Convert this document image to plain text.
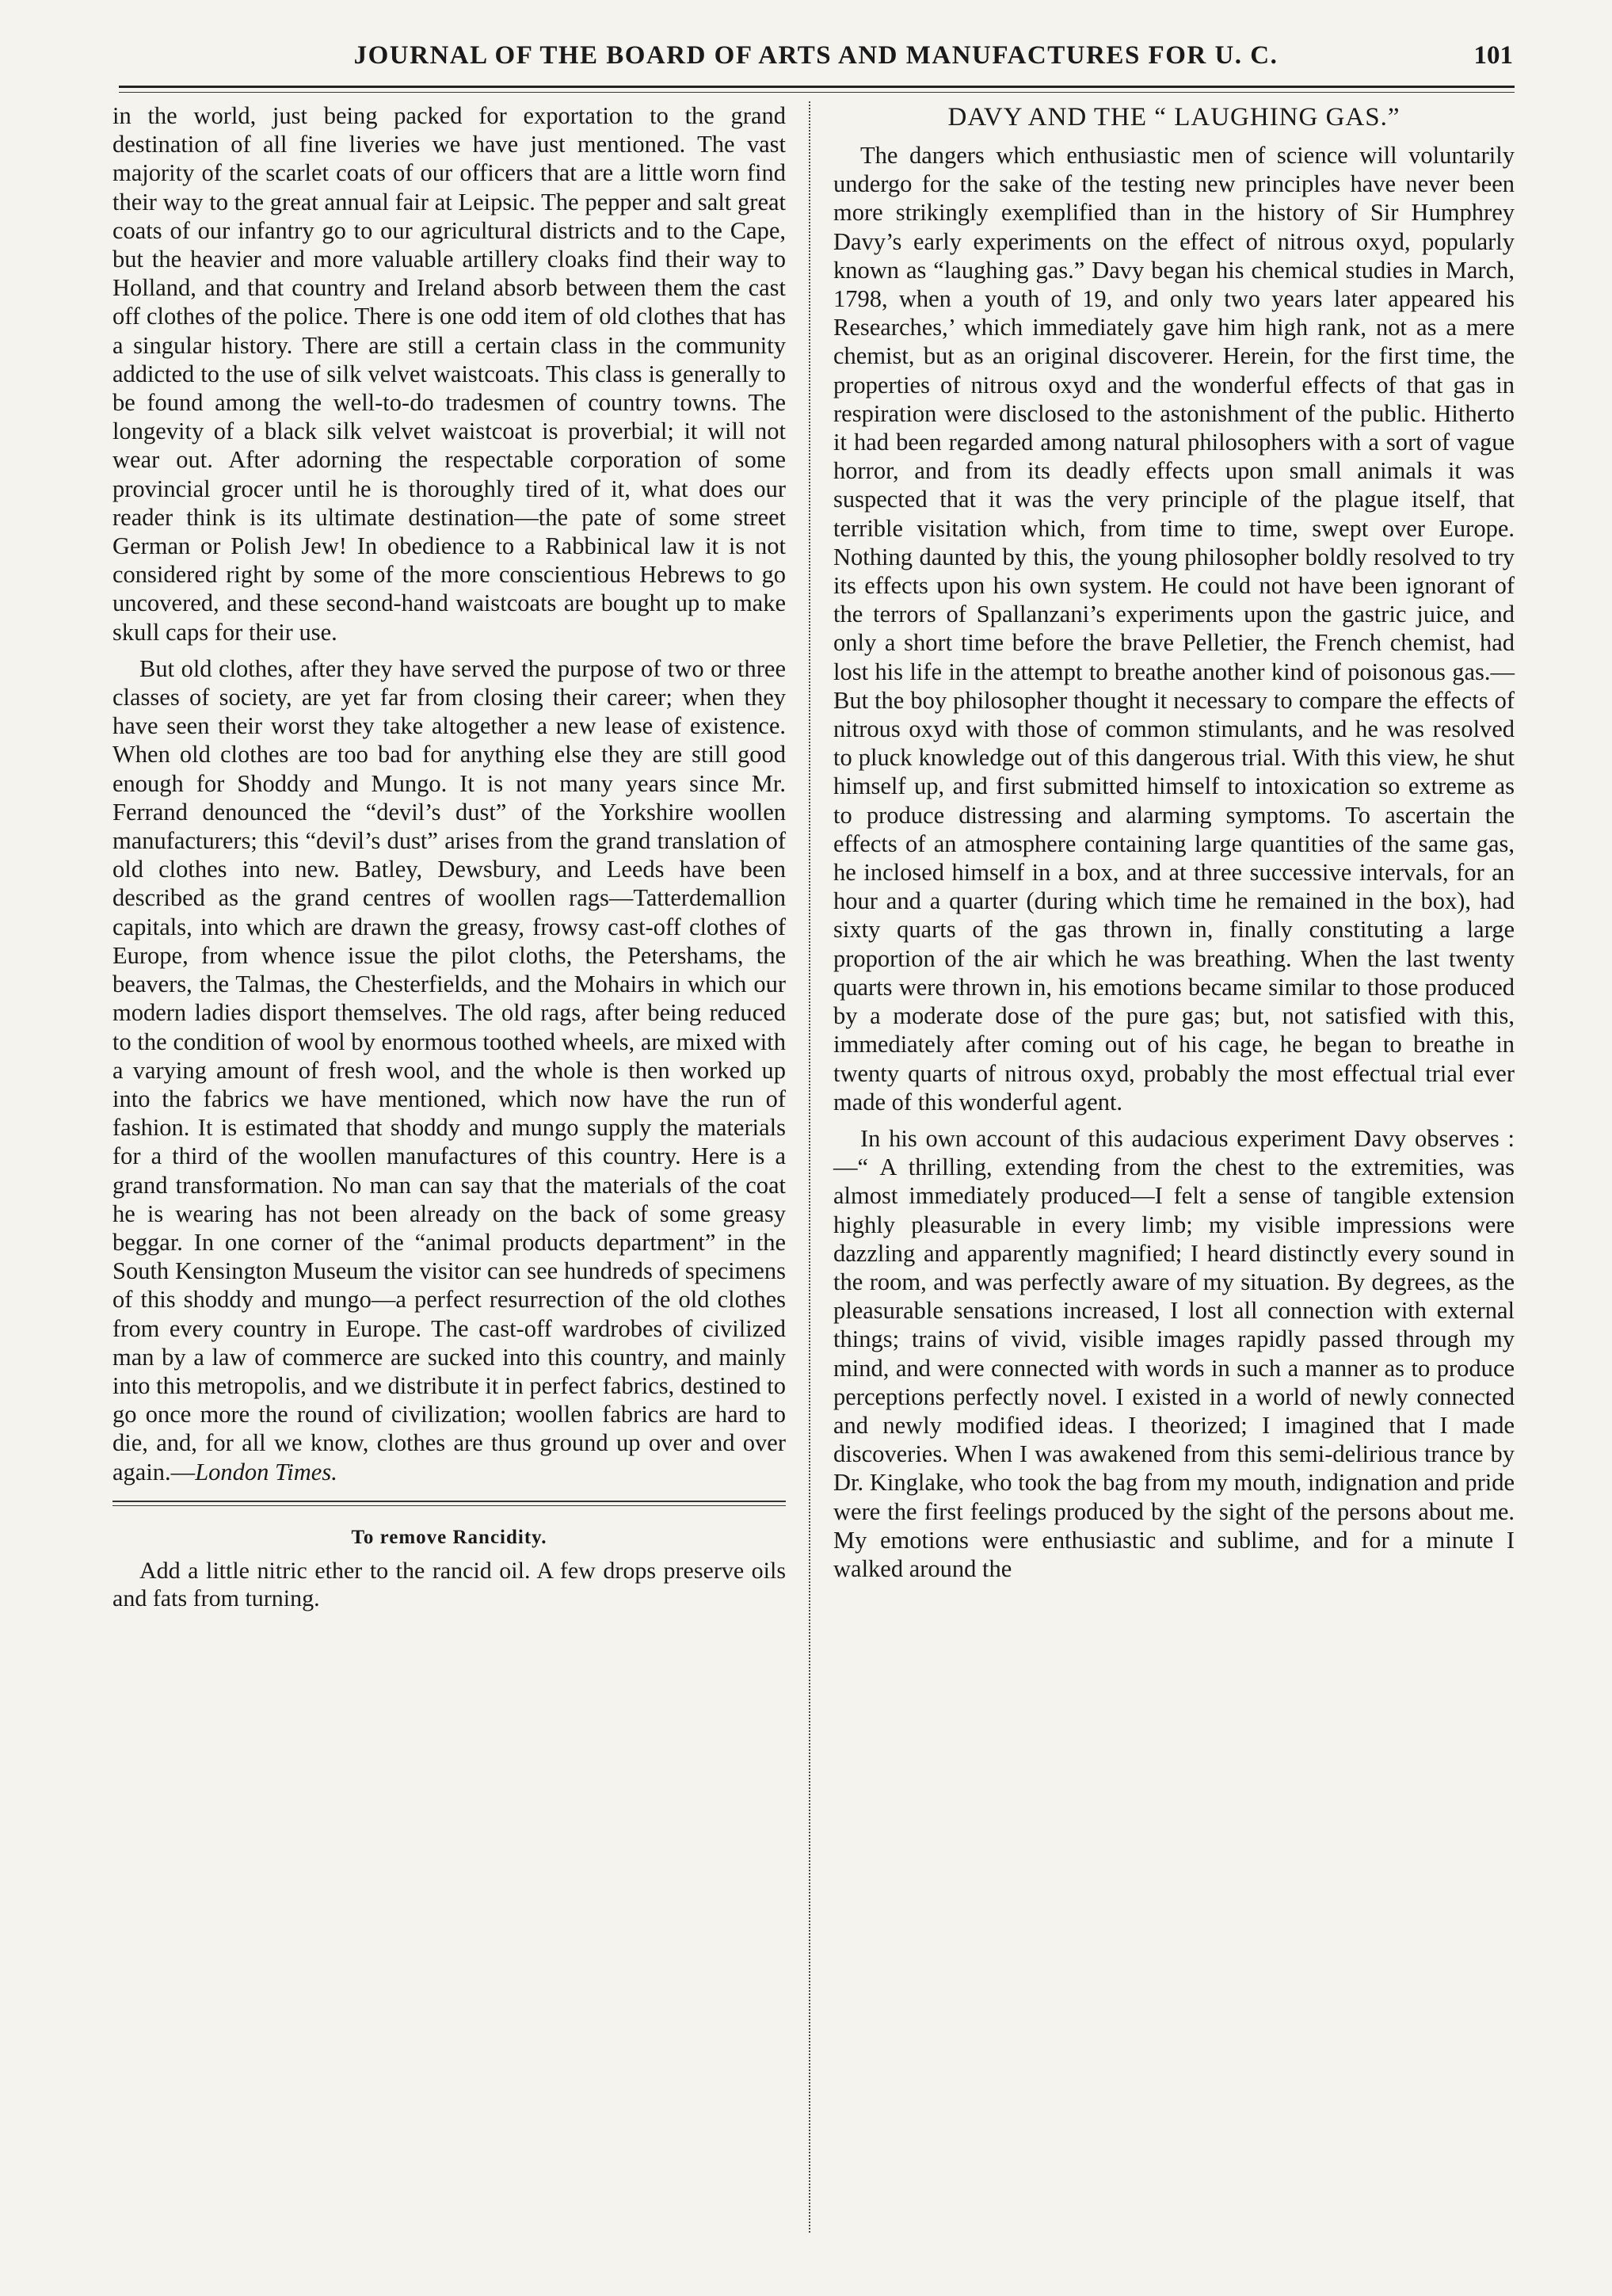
JOURNAL OF THE BOARD OF ARTS AND MANUFACTURES FOR U. C.	101

in the world, just being packed for exportation to the grand destination of all fine liveries we have just mentioned. The vast majority of the scarlet coats of our officers that are a little worn find their way to the great annual fair at Leipsic. The pepper and salt great coats of our infantry go to our agricultural districts and to the Cape, but the heavier and more valuable artillery cloaks find their way to Holland, and that country and Ireland absorb between them the cast off clothes of the police. There is one odd item of old clothes that has a singular history. There are still a certain class in the community addicted to the use of silk velvet waistcoats. This class is generally to be found among the well-to-do tradesmen of country towns. The longevity of a black silk velvet waistcoat is proverbial; it will not wear out. After adorning the respectable corporation of some provincial grocer until he is thoroughly tired of it, what does our reader think is its ultimate destination—the pate of some street German or Polish Jew! In obedience to a Rabbinical law it is not considered right by some of the more conscientious Hebrews to go uncovered, and these second-hand waistcoats are bought up to make skull caps for their use.

But old clothes, after they have served the purpose of two or three classes of society, are yet far from closing their career; when they have seen their worst they take altogether a new lease of existence. When old clothes are too bad for anything else they are still good enough for Shoddy and Mungo. It is not many years since Mr. Ferrand denounced the “devil’s dust” of the Yorkshire woollen manufacturers; this “devil’s dust” arises from the grand translation of old clothes into new. Batley, Dewsbury, and Leeds have been described as the grand centres of woollen rags—Tatterdemallion capitals, into which are drawn the greasy, frowsy cast-off clothes of Europe, from whence issue the pilot cloths, the Petershams, the beavers, the Talmas, the Chesterfields, and the Mohairs in which our modern ladies disport themselves. The old rags, after being reduced to the condition of wool by enormous toothed wheels, are mixed with a varying amount of fresh wool, and the whole is then worked up into the fabrics we have mentioned, which now have the run of fashion. It is estimated that shoddy and mungo supply the materials for a third of the woollen manufactures of this country. Here is a grand transformation. No man can say that the materials of the coat he is wearing has not been already on the back of some greasy beggar. In one corner of the “animal products department” in the South Kensington Museum the visitor can see hundreds of specimens of this shoddy and mungo—a perfect resurrection of the old clothes from every country in Europe. The cast-off wardrobes of civilized man by a law of commerce are sucked into this country, and mainly into this metropolis, and we distribute it in perfect fabrics, destined to go once more the round of civilization; woollen fabrics are hard to die, and, for all we know, clothes are thus ground up over and over again.—London Times.

To remove Rancidity.

Add a little nitric ether to the rancid oil. A few drops preserve oils and fats from turning.

DAVY AND THE “ LAUGHING GAS.”

The dangers which enthusiastic men of science will voluntarily undergo for the sake of the testing new principles have never been more strikingly exemplified than in the history of Sir Humphrey Davy’s early experiments on the effect of nitrous oxyd, popularly known as “laughing gas.” Davy began his chemical studies in March, 1798, when a youth of 19, and only two years later appeared his Researches,’ which immediately gave him high rank, not as a mere chemist, but as an original discoverer. Herein, for the first time, the properties of nitrous oxyd and the wonderful effects of that gas in respiration were disclosed to the astonishment of the public. Hitherto it had been regarded among natural philosophers with a sort of vague horror, and from its deadly effects upon small animals it was suspected that it was the very principle of the plague itself, that terrible visitation which, from time to time, swept over Europe. Nothing daunted by this, the young philosopher boldly resolved to try its effects upon his own system. He could not have been ignorant of the terrors of Spallanzani’s experiments upon the gastric juice, and only a short time before the brave Pelletier, the French chemist, had lost his life in the attempt to breathe another kind of poisonous gas.—But the boy philosopher thought it necessary to compare the effects of nitrous oxyd with those of common stimulants, and he was resolved to pluck knowledge out of this dangerous trial. With this view, he shut himself up, and first submitted himself to intoxication so extreme as to produce distressing and alarming symptoms. To ascertain the effects of an atmosphere containing large quantities of the same gas, he inclosed himself in a box, and at three successive intervals, for an hour and a quarter (during which time he remained in the box), had sixty quarts of the gas thrown in, finally constituting a large proportion of the air which he was breathing. When the last twenty quarts were thrown in, his emotions became similar to those produced by a moderate dose of the pure gas; but, not satisfied with this, immediately after coming out of his cage, he began to breathe in twenty quarts of nitrous oxyd, probably the most effectual trial ever made of this wonderful agent.

In his own account of this audacious experiment Davy observes :—“ A thrilling, extending from the chest to the extremities, was almost immediately produced—I felt a sense of tangible extension highly pleasurable in every limb; my visible impressions were dazzling and apparently magnified; I heard distinctly every sound in the room, and was perfectly aware of my situation. By degrees, as the pleasurable sensations increased, I lost all connection with external things; trains of vivid, visible images rapidly passed through my mind, and were connected with words in such a manner as to produce perceptions perfectly novel. I existed in a world of newly connected and newly modified ideas. I theorized; I imagined that I made discoveries. When I was awakened from this semi-delirious trance by Dr. Kinglake, who took the bag from my mouth, indignation and pride were the first feelings produced by the sight of the persons about me. My emotions were enthusiastic and sublime, and for a minute I walked around the
